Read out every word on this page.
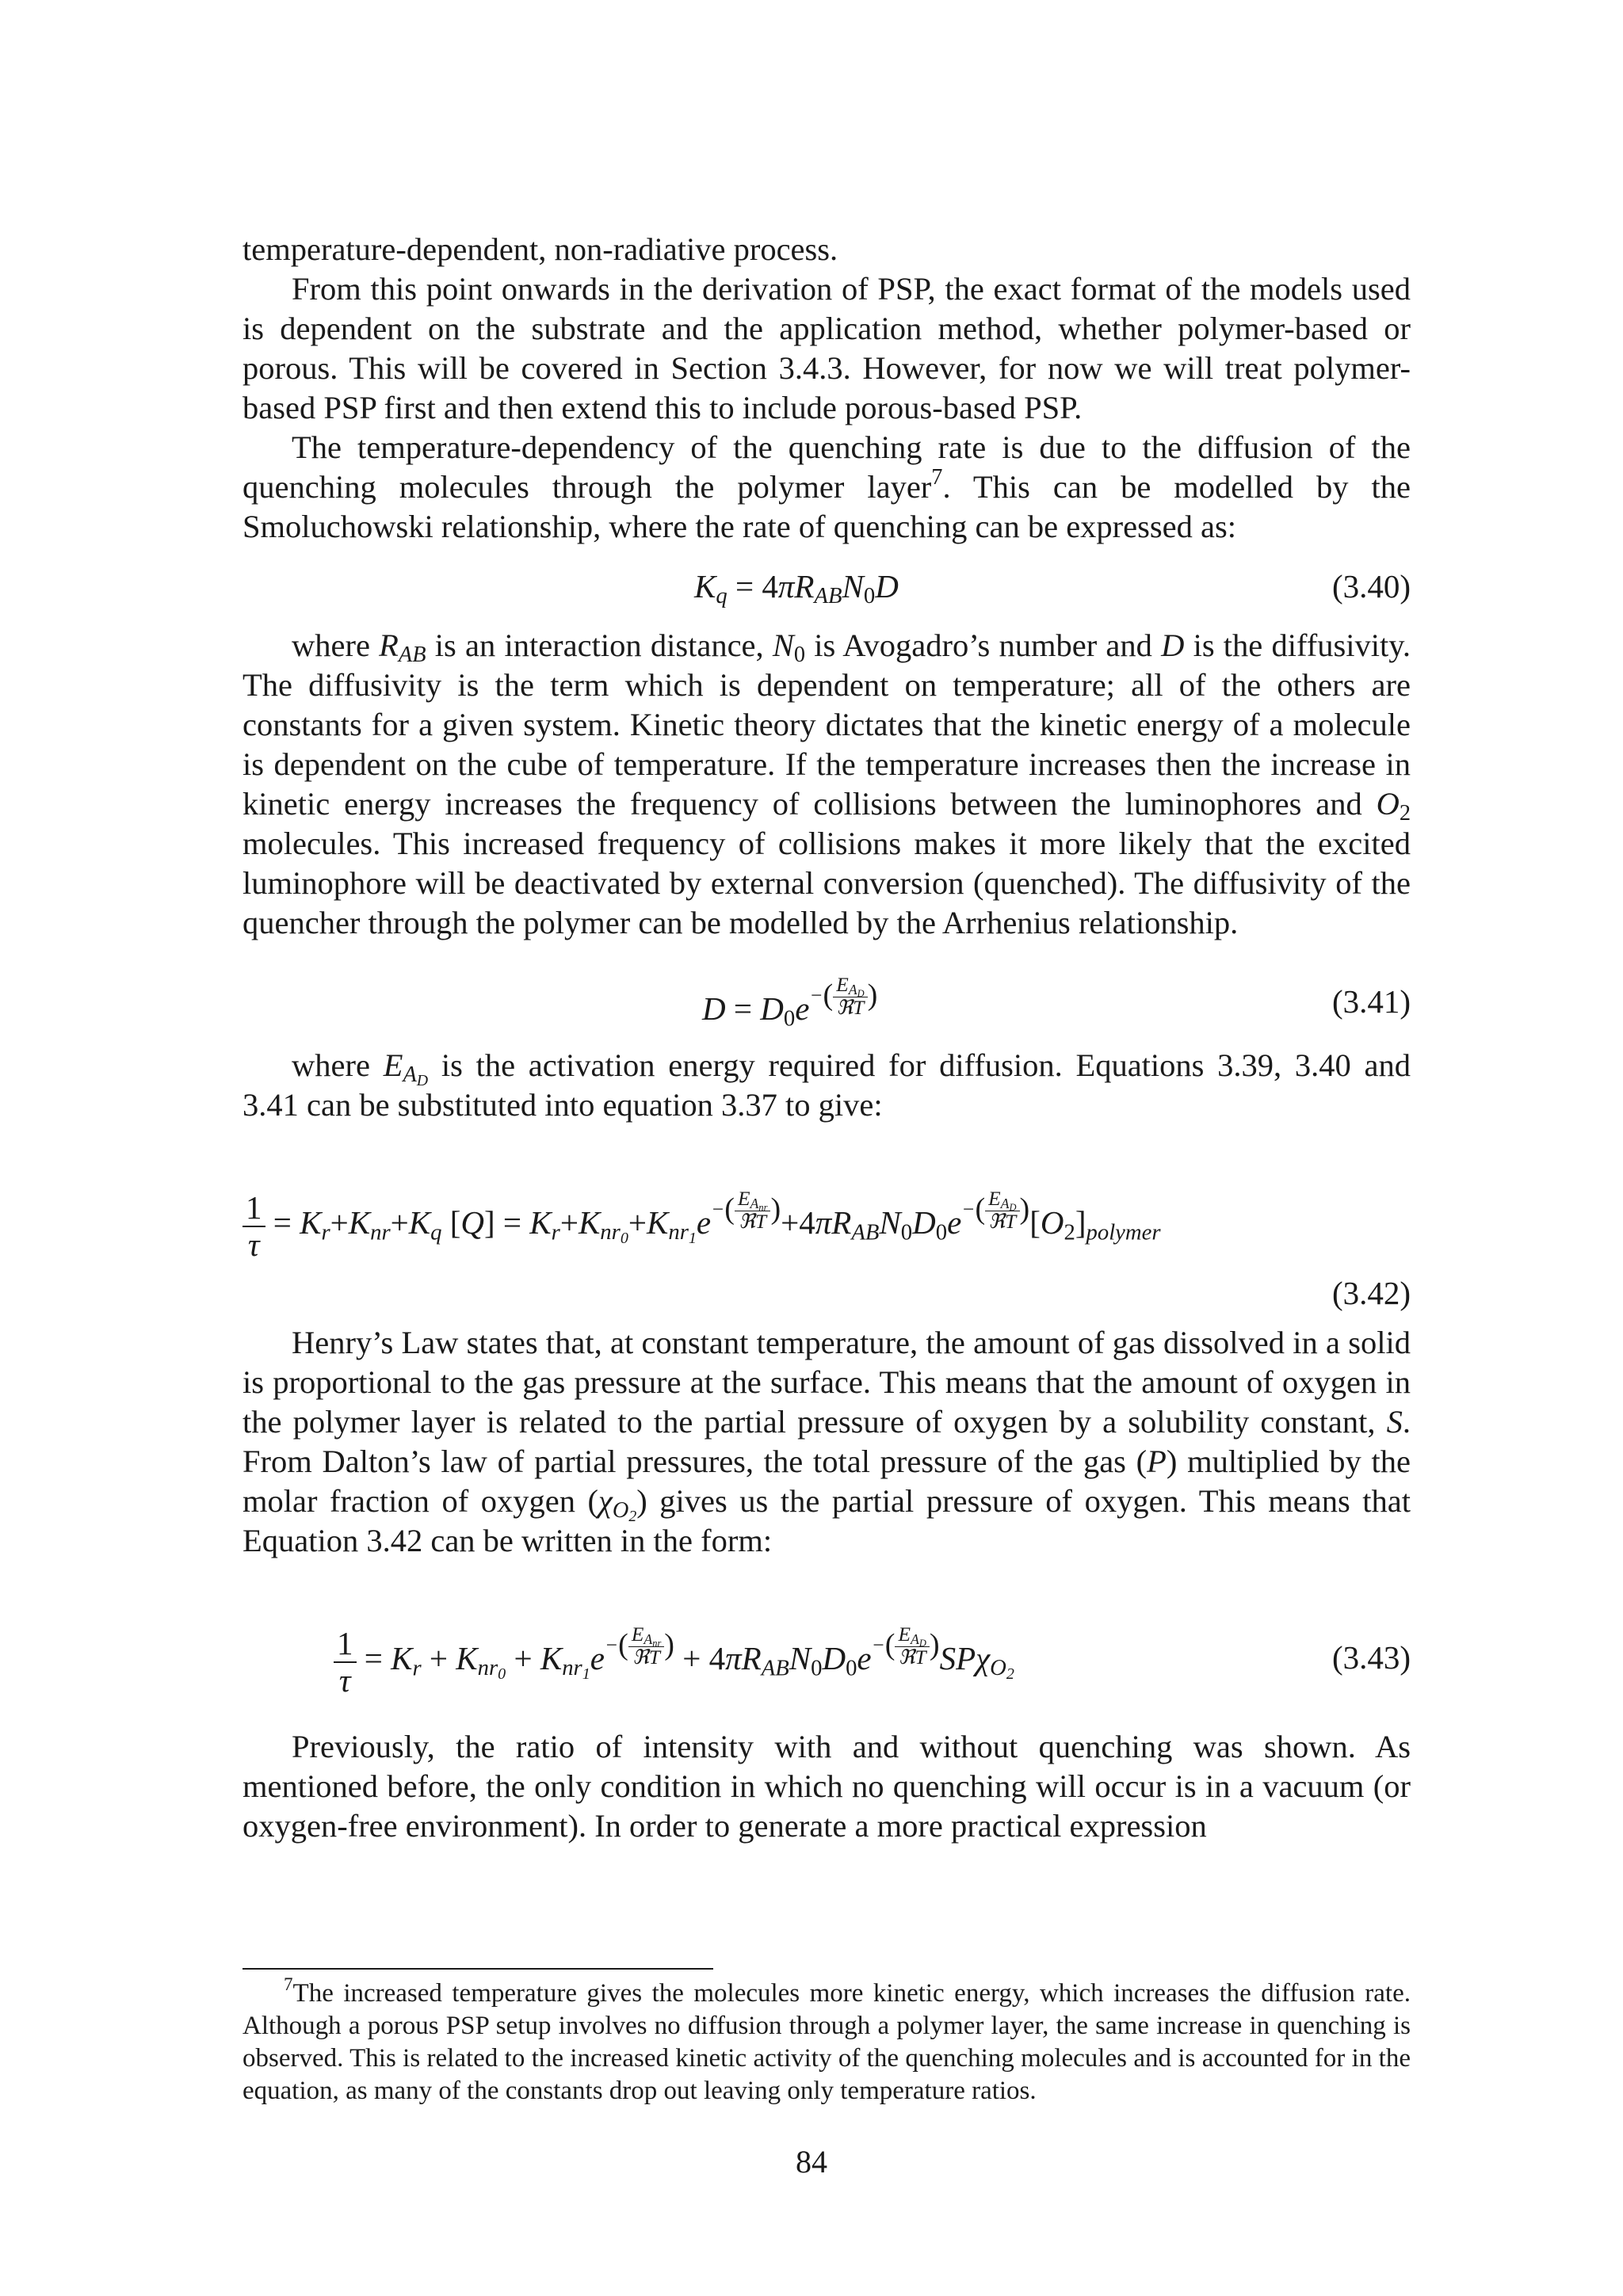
temperature-dependent, non-radiative process.

From this point onwards in the derivation of PSP, the exact format of the models used is dependent on the substrate and the application method, whether polymer-based or porous. This will be covered in Section 3.4.3. However, for now we will treat polymer-based PSP first and then extend this to include porous-based PSP.

The temperature-dependency of the quenching rate is due to the diffusion of the quenching molecules through the polymer layer$^7$. This can be modelled by the Smoluchowski relationship, where the rate of quenching can be expressed as:

$K_q = 4\pi R_{AB}N_0D$	(3.40)

where $R_{AB}$ is an interaction distance, $N_0$ is Avogadro’s number and D is the diffusivity. The diffusivity is the term which is dependent on temperature; all of the others are constants for a given system. Kinetic theory dictates that the kinetic energy of a molecule is dependent on the cube of temperature. If the temperature increases then the increase in kinetic energy increases the frequency of collisions between the luminophores and $O_2$ molecules. This increased frequency of collisions makes it more likely that the excited luminophore will be deactivated by external conversion (quenched). The diffusivity of the quencher through the polymer can be modelled by the Arrhenius relationship.

$D = D_0e-( \frac{E_{A_D}}{\text{ℜT}}$ )	(3.41)

where $E_{A_D}$ is the activation energy required for diffusion. Equations 3.39, 3.40 and 3.41 can be substituted into equation 3.37 to give:

$\frac{1}{\tau} = K_r+K_{nr}+K_q$ $[Q] = K_r+K_{nr_0}+K_{nr_1}e-( \frac{E_{A_{nr}}}{\text{ℜT}} )+4\pi R_{AB}N_0D_0e-( \frac{E_{A_D}}{\text{ℜT}} )[O_2]_{polymer}$
(3.42)

Henry’s Law states that, at constant temperature, the amount of gas dissolved in a solid is proportional to the gas pressure at the surface. This means that the amount of oxygen in the polymer layer is related to the partial pressure of oxygen by a solubility constant, S. From Dalton’s law of partial pressures, the total pressure of the gas (P) multiplied by the molar fraction of oxygen $(\chi_{O_2})$ gives us the partial pressure of oxygen. This means that Equation 3.42 can be written in the form:

$\frac{1}{\tau} = K_r + K_{nr_0} + K_{nr_1}e-( \frac{E_{A_{nr}}}{\text{ℜT}}$ ) + $4\pi R_{AB}N_0D_0e-( \frac{E_{A_D}}{\text{ℜT}} )SP\chi_{O_2}$	(3.43)

Previously, the ratio of intensity with and without quenching was shown. As mentioned before, the only condition in which no quenching will occur is in a vacuum (or oxygen-free environment). In order to generate a more practical expression

$^7$The increased temperature gives the molecules more kinetic energy, which increases the diffusion rate. Although a porous PSP setup involves no diffusion through a polymer layer, the same increase in quenching is observed. This is related to the increased kinetic activity of the quenching molecules and is accounted for in the equation, as many of the constants drop out leaving only temperature ratios.

84
